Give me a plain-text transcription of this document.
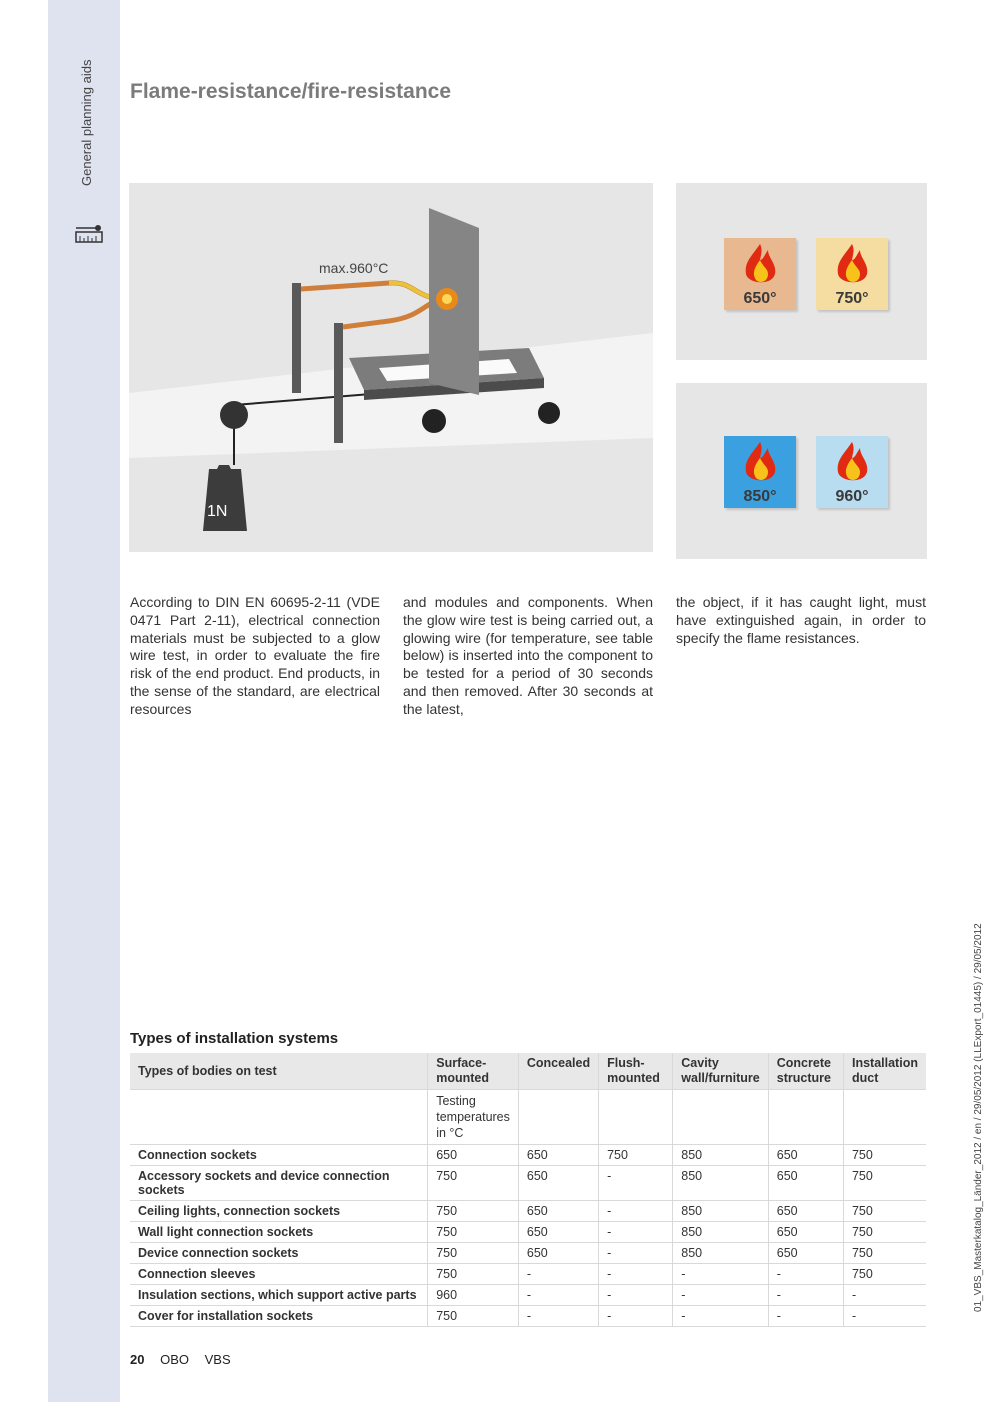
General planning aids Flame-resistance/fire-resistance
1N
max.960°C
650°	750°
850°	960°
According to DIN EN 60695-2-11 (VDE 0471 Part 2-11), electrical connection materials must be subjected to a glow wire test, in order to evaluate the fire risk of the end product. End products, in the sense of the standard, are electrical resources
and modules and components. When the glow wire test is being carried out, a glowing wire (for temperature, see table below) is inserted into the component to be tested for a period of 30 seconds and then removed. After 30 seconds at the latest,
the object, if it has caught light, must have extinguished again, in order to specify the flame resistances.
Types of installation systems
Types of bodies on test	Surface-mounted	Concealed	Flush-mounted	Cavity wall/furniture	Concrete structure	Installation duct
	Testing temperatures in °C					
Connection sockets	650	650	750	850	650	750
Accessory sockets and device connection sockets	750	650	-	850	650	750
Ceiling lights, connection sockets	750	650	-	850	650	750
Wall light connection sockets	750	650	-	850	650	750
Device connection sockets	750	650	-	850	650	750
Connection sleeves	750	-	-	-	-	750
Insulation sections, which support active parts	960	-	-	-	-	-
Cover for installation sockets	750	-	-	-	-	-
20 OBO VBS
01_VBS_Masterkatalog_Länder_2012 / en / 29/05/2012 (LLExport_01445) / 29/05/2012
